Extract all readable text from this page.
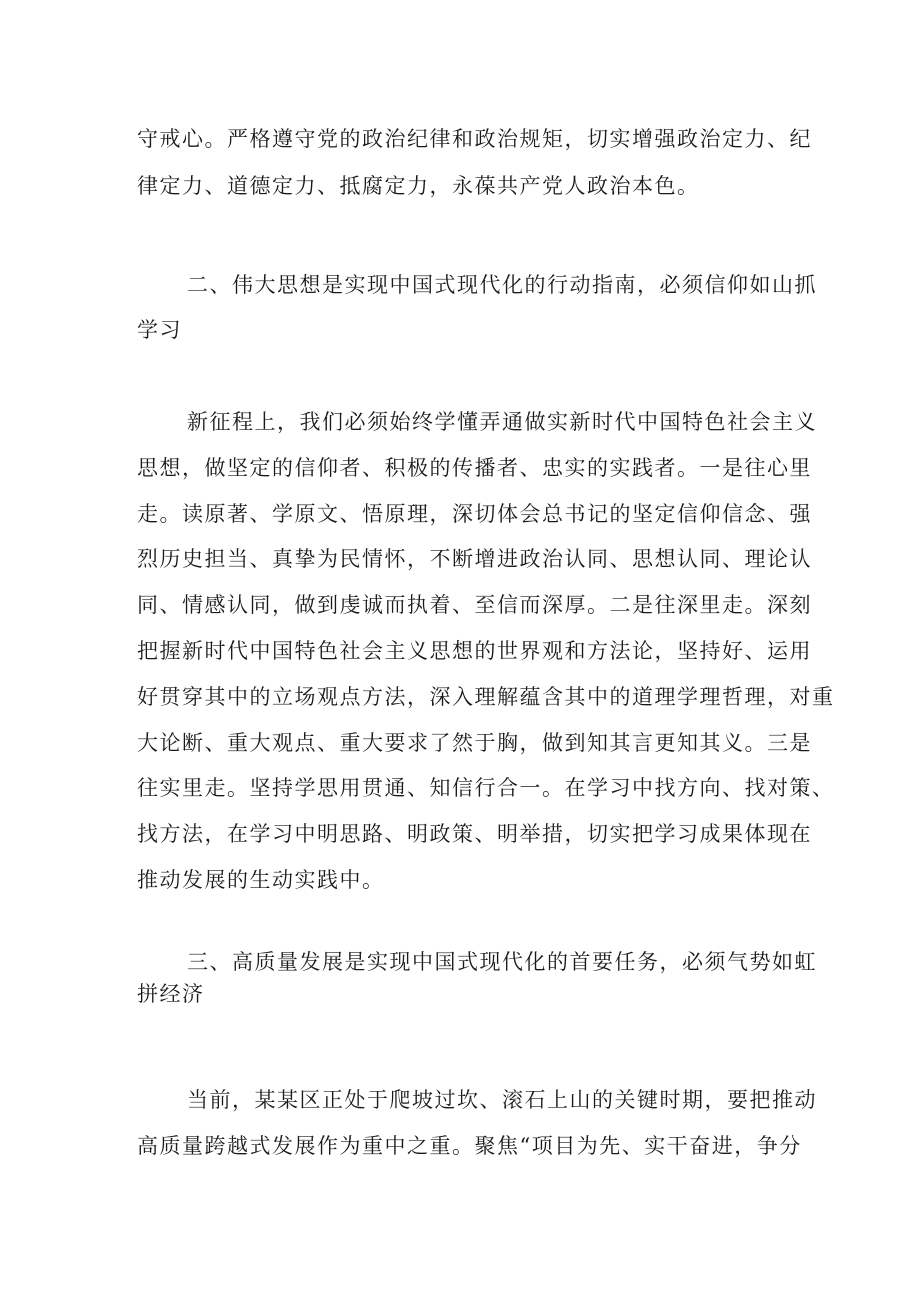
守戒心。严格遵守党的政治纪律和政治规矩，切实增强政治定力、纪
律定力、道德定力、抵腐定力，永葆共产党人政治本色。
二、伟大思想是实现中国式现代化的行动指南，必须信仰如山抓
学习
新征程上，我们必须始终学懂弄通做实新时代中国特色社会主义
思想，做坚定的信仰者、积极的传播者、忠实的实践者。一是往心里
走。读原著、学原文、悟原理，深切体会总书记的坚定信仰信念、强
烈历史担当、真挚为民情怀，不断增进政治认同、思想认同、理论认
同、情感认同，做到虔诚而执着、至信而深厚。二是往深里走。深刻
把握新时代中国特色社会主义思想的世界观和方法论，坚持好、运用
好贯穿其中的立场观点方法，深入理解蕴含其中的道理学理哲理，对重
大论断、重大观点、重大要求了然于胸，做到知其言更知其义。三是
往实里走。坚持学思用贯通、知信行合一。在学习中找方向、找对策、
找方法，在学习中明思路、明政策、明举措，切实把学习成果体现在
推动发展的生动实践中。
三、高质量发展是实现中国式现代化的首要任务，必须气势如虹
拼经济
当前，某某区正处于爬坡过坎、滚石上山的关键时期，要把推动
高质量跨越式发展作为重中之重。聚焦“项目为先、实干奋进，争分
